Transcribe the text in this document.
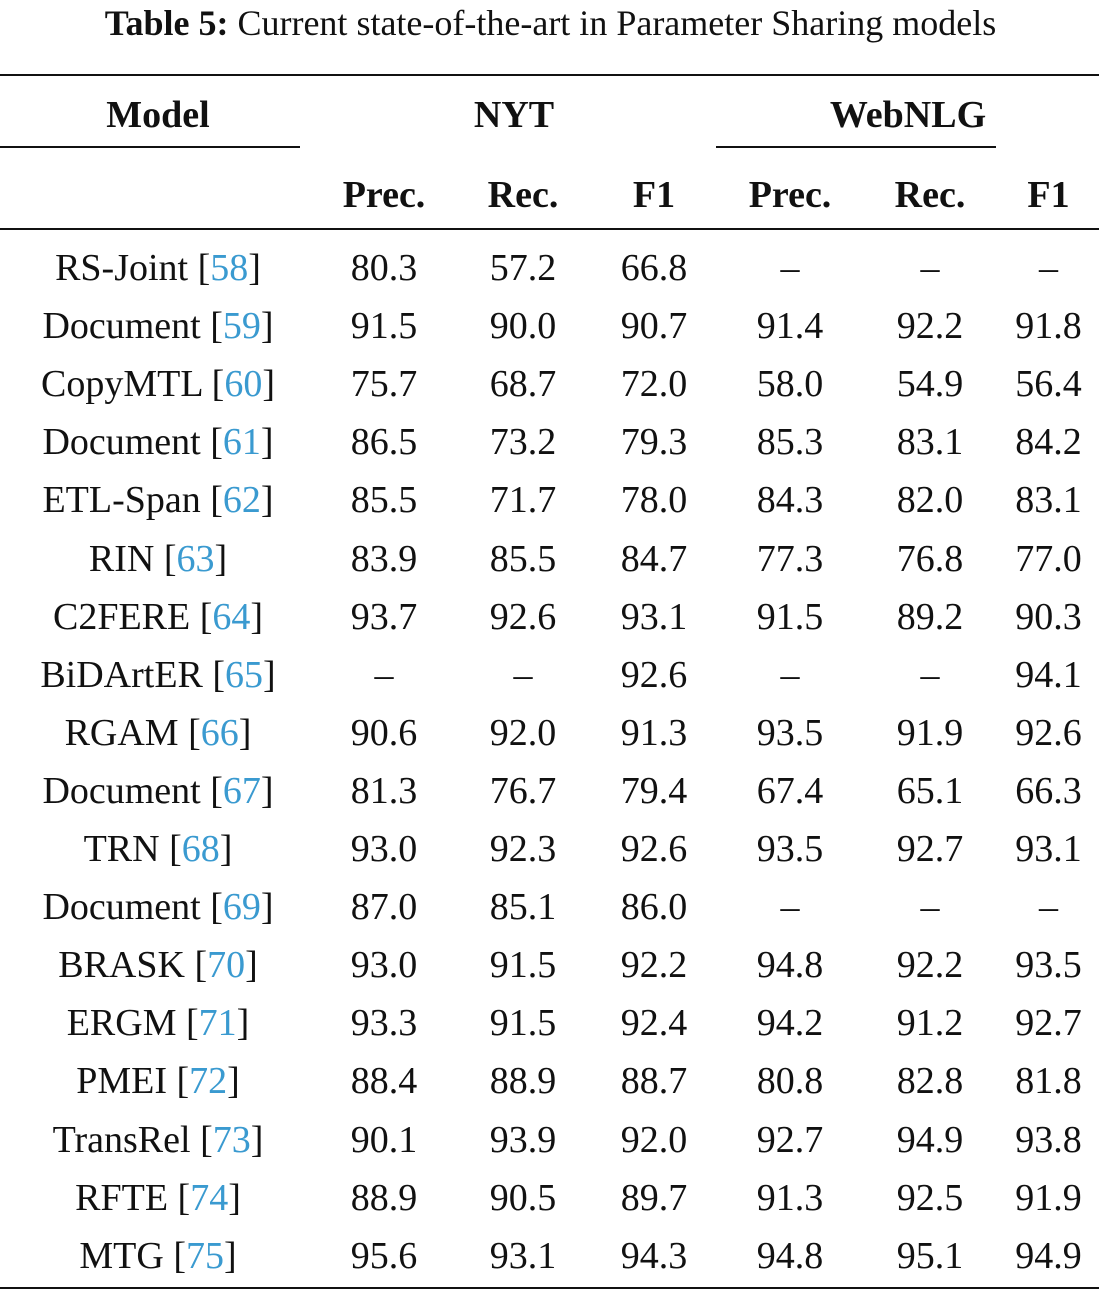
Table 5: Current state-of-the-art in Parameter Sharing models
Model	NYT	WebNLG
Prec.	Rec.	F1	Prec.	Rec.	F1
RS-Joint [58]	80.3	57.2	66.8	–	–	–
Document [59]	91.5	90.0	90.7	91.4	92.2	91.8
CopyMTL [60]	75.7	68.7	72.0	58.0	54.9	56.4
Document [61]	86.5	73.2	79.3	85.3	83.1	84.2
ETL-Span [62]	85.5	71.7	78.0	84.3	82.0	83.1
RIN [63]	83.9	85.5	84.7	77.3	76.8	77.0
C2FERE [64]	93.7	92.6	93.1	91.5	89.2	90.3
BiDArtER [65]	–	–	92.6	–	–	94.1
RGAM [66]	90.6	92.0	91.3	93.5	91.9	92.6
Document [67]	81.3	76.7	79.4	67.4	65.1	66.3
TRN [68]	93.0	92.3	92.6	93.5	92.7	93.1
Document [69]	87.0	85.1	86.0	–	–	–
BRASK [70]	93.0	91.5	92.2	94.8	92.2	93.5
ERGM [71]	93.3	91.5	92.4	94.2	91.2	92.7
PMEI [72]	88.4	88.9	88.7	80.8	82.8	81.8
TransRel [73]	90.1	93.9	92.0	92.7	94.9	93.8
RFTE [74]	88.9	90.5	89.7	91.3	92.5	91.9
MTG [75]	95.6	93.1	94.3	94.8	95.1	94.9
